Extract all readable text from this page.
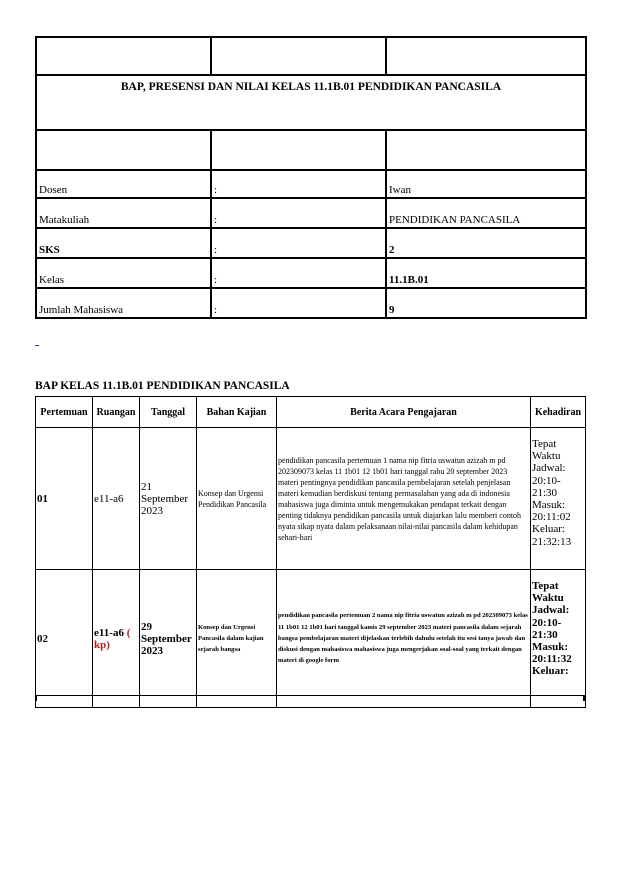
BAP, PRESENSI DAN NILAI KELAS 11.1B.01 PENDIDIKAN PANCASILA		

Dosen	:	Iwan
Matakuliah	:	PENDIDIKAN PANCASILA
SKS	:	2
Kelas	:	11.1B.01
Jumlah Mahasiswa	:	9

BAP KELAS 11.1B.01 PENDIDIKAN PANCASILA

Pertemuan	Ruangan	Tanggal	Bahan Kajian	Berita Acara Pengajaran	Kehadiran
01	e11-a6	21 September 2023	Konsep dan Urgensi Pendidikan Pancasila	pendidikan pancasila pertemuan 1 nama nip fitria uswatun azizah m pd 202309073 kelas 11 1b01 12 1b01 hari tanggal rabu 20 september 2023 materi pentingnya pendidikan pancasila pembelajaran setelah penjelasan materi kemudian berdiskusi tentang permasalahan yang ada di indonesia mahasiswa juga diminta untuk mengemukakan pendapat terkait dengan penting tidaknya pendidikan pancasila untuk diajarkan lalu memberi contoh nyata sikap nyata dalam pelaksanaan nilai-nilai pancasila dalam kehidupan sehari-hari	Tepat Waktu Jadwal: 20:10-21:30 Masuk: 20:11:02 Keluar: 21:32:13
02	e11-a6 ( kp)	29 September 2023	Konsep dan Urgensi Pancasila dalam kajian sejarah bangsa	pendidikan pancasila pertemuan 2 nama nip fitria uswatun azizah m pd 202309073 kelas 11 1b01 12 1b01 hari tanggal kamis 29 september 2023 materi pancasila dalam sejarah bangsa pembelajaran materi dijelaskan terlebih dahulu setelah itu sesi tanya jawab dan diskusi dengan mahasiswa mahasiswa juga mengerjakan soal-soal yang terkait dengan materi di google form	Tepat Waktu Jadwal: 20:10-21:30 Masuk: 20:11:32 Keluar:
